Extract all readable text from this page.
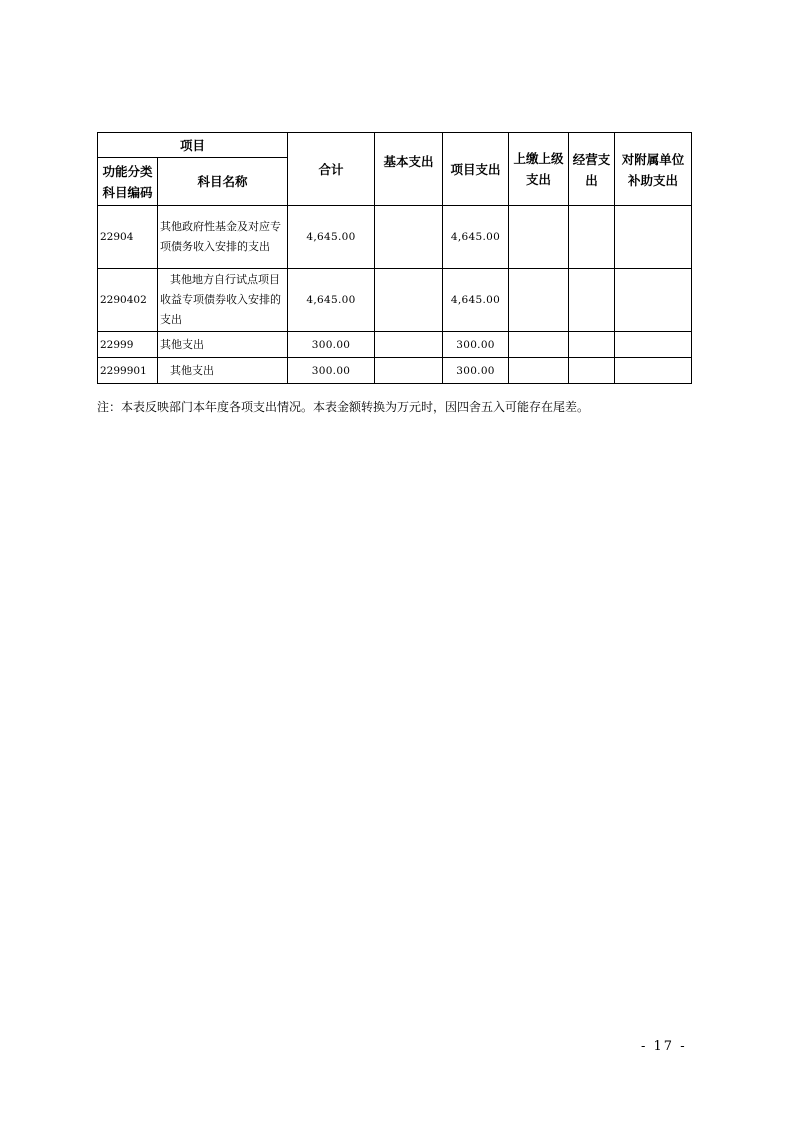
项目		合计	基本支出	项目支出	上缴上级支出	经营支出	对附属单位补助支出
功能分类科目编码	科目名称						
22904	其他政府性基金及对应专项债务收入安排的支出	4,645.00		4,645.00			
2290402	其他地方自行试点项目收益专项债券收入安排的支出	4,645.00		4,645.00			
22999	其他支出	300.00		300.00			
2299901	其他支出	300.00		300.00			
注：本表反映部门本年度各项支出情况。本表金额转换为万元时，因四舍五入可能存在尾差。
- 17 -
